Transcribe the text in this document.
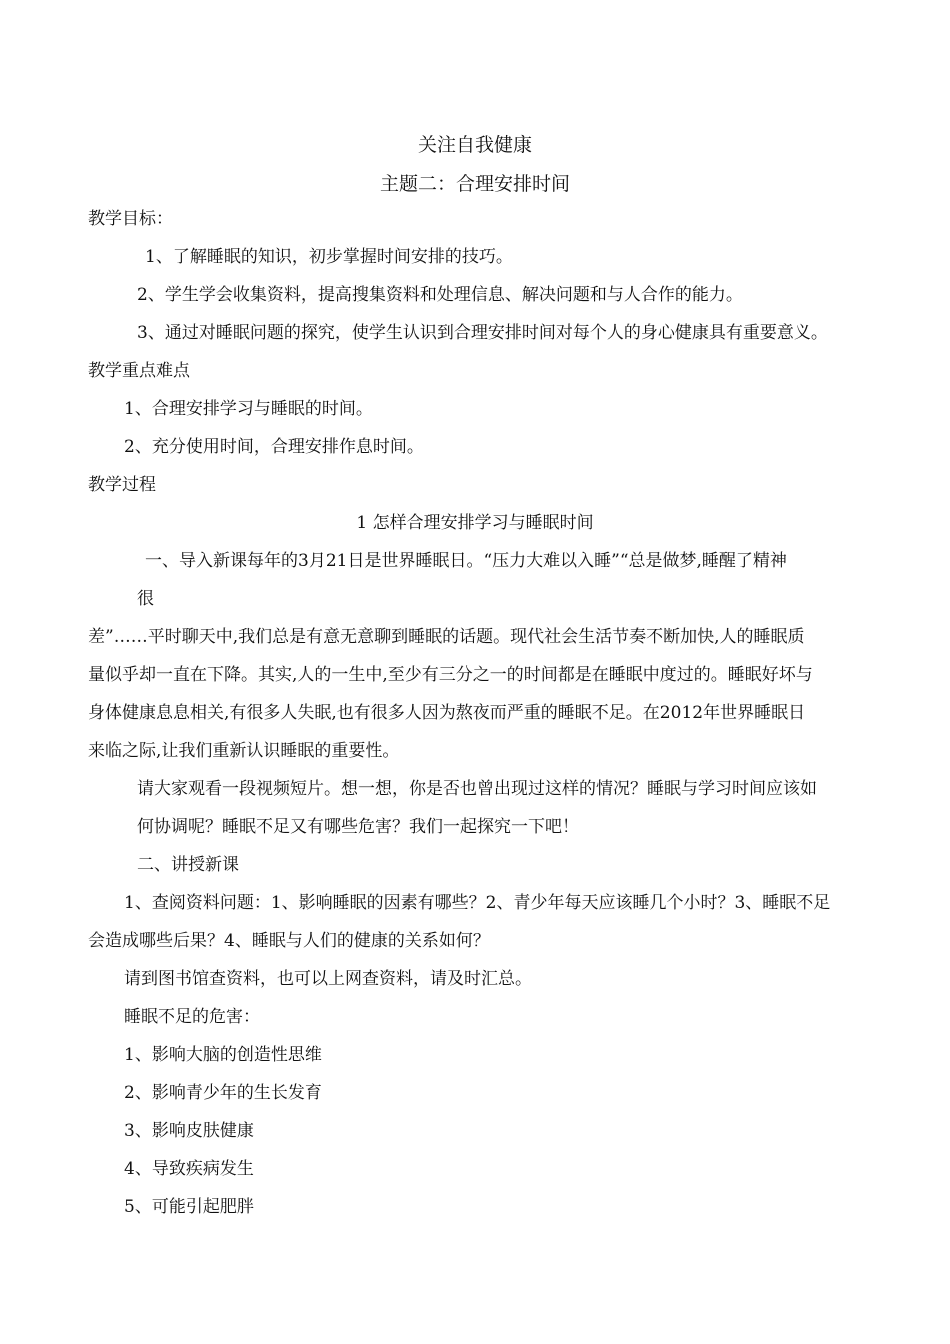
关注自我健康
主题二：合理安排时间
教学目标：
1、了解睡眠的知识，初步掌握时间安排的技巧。
2、学生学会收集资料，提高搜集资料和处理信息、解决问题和与人合作的能力。
3、通过对睡眠问题的探究，使学生认识到合理安排时间对每个人的身心健康具有重要意义。
教学重点难点
1、合理安排学习与睡眠的时间。
2、充分使用时间，合理安排作息时间。
教学过程
1 怎样合理安排学习与睡眠时间
一、导入新课每年的3月21日是世界睡眠日。“压力大难以入睡”“总是做梦,睡醒了精神
很
差”……平时聊天中,我们总是有意无意聊到睡眠的话题。现代社会生活节奏不断加快,人的睡眠质
量似乎却一直在下降。其实,人的一生中,至少有三分之一的时间都是在睡眠中度过的。睡眠好坏与
身体健康息息相关,有很多人失眠,也有很多人因为熬夜而严重的睡眠不足。在2012年世界睡眠日
来临之际,让我们重新认识睡眠的重要性。
请大家观看一段视频短片。想一想，你是否也曾出现过这样的情况？睡眠与学习时间应该如
何协调呢？睡眠不足又有哪些危害？我们一起探究一下吧！
二、讲授新课
1、查阅资料问题：1、影响睡眠的因素有哪些？2、青少年每天应该睡几个小时？3、睡眠不足
会造成哪些后果？4、睡眠与人们的健康的关系如何？
请到图书馆查资料，也可以上网查资料，请及时汇总。
睡眠不足的危害：
1、影响大脑的创造性思维
2、影响青少年的生长发育
3、影响皮肤健康
4、导致疾病发生
5、可能引起肥胖
